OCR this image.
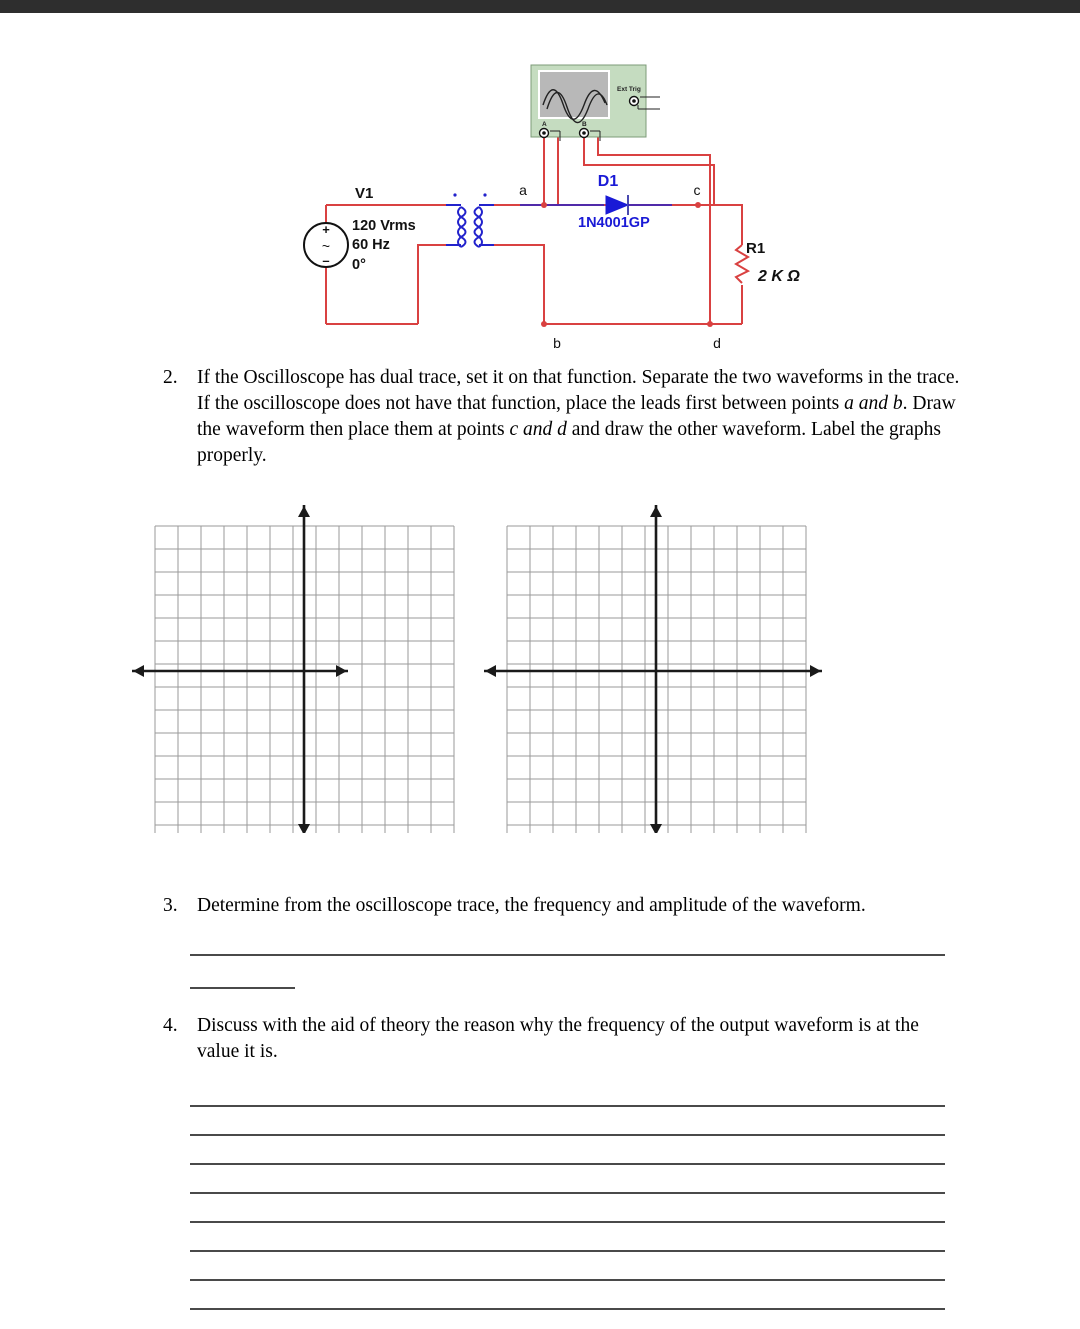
+
~
–
V1
120 Vrms
60 Hz
0°
D1
1N4001GP
R1
2 K Ω
a
b
c
d
Ext Trig
A	B
2. If the Oscilloscope has dual trace, set it on that function. Separate the two waveforms in the trace. If the oscilloscope does not have that function, place the leads first between points a and b. Draw the waveform then place them at points c and d and draw the other waveform. Label the graphs properly.
3. Determine from the oscilloscope trace, the frequency and amplitude of the waveform.
4. Discuss with the aid of theory the reason why the frequency of the output waveform is at the value it is.
